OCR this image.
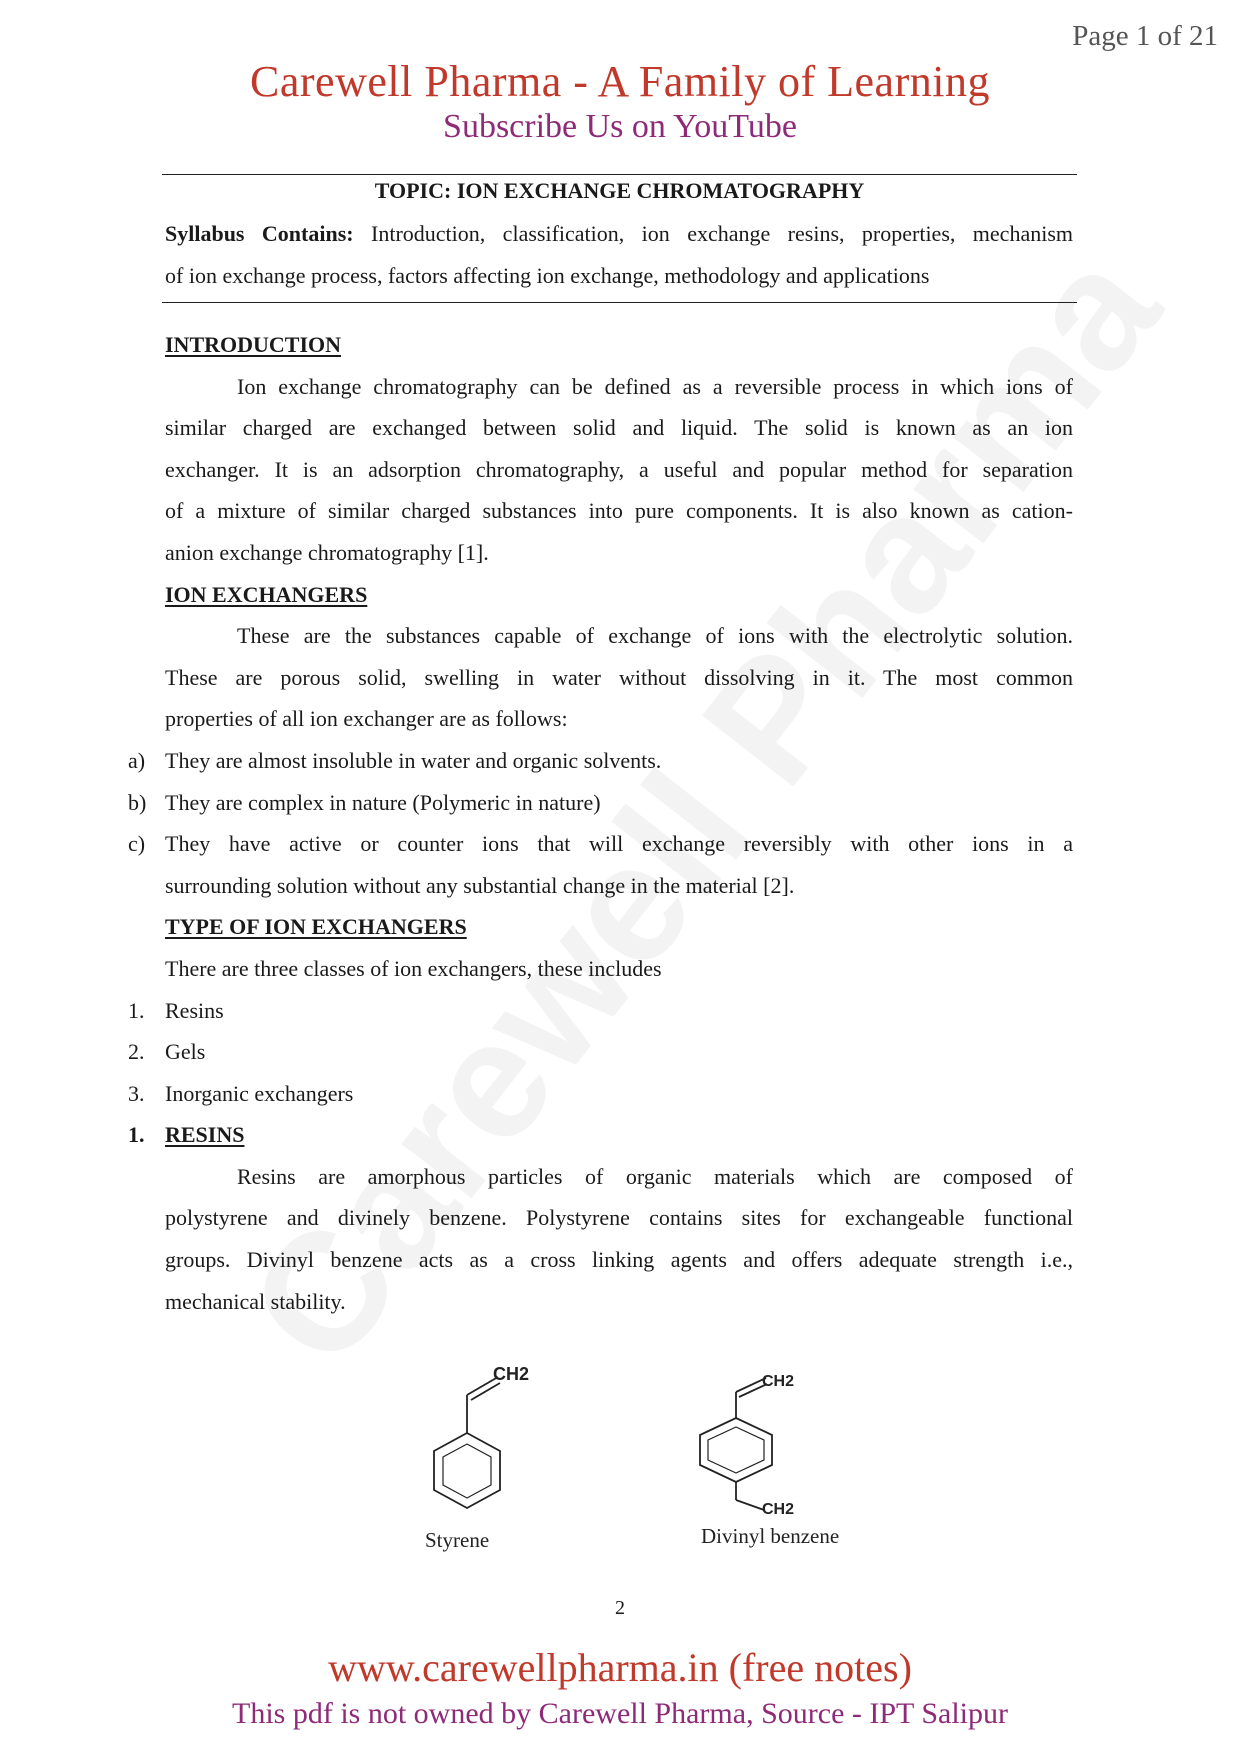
Page 1 of 21
Carewell Pharma - A Family of Learning
Subscribe Us on YouTube
TOPIC: ION EXCHANGE CHROMATOGRAPHY

Syllabus Contains: Introduction, classification, ion exchange resins, properties, mechanism

of ion exchange process, factors affecting ion exchange, methodology and applications

INTRODUCTION

Ion exchange chromatography can be defined as a reversible process in which ions of

similar charged are exchanged between solid and liquid. The solid is known as an ion

exchanger. It is an adsorption chromatography, a useful and popular method for separation

of a mixture of similar charged substances into pure components. It is also known as cation-

anion exchange chromatography [1].

ION EXCHANGERS

These are the substances capable of exchange of ions with the electrolytic solution.

These are porous solid, swelling in water without dissolving in it. The most common

properties of all ion exchanger are as follows:

a) They are almost insoluble in water and organic solvents.

b) They are complex in nature (Polymeric in nature)

c) They have active or counter ions that will exchange reversibly with other ions in a

surrounding solution without any substantial change in the material [2].

TYPE OF ION EXCHANGERS

There are three classes of ion exchangers, these includes

1. Resins

2. Gels

3. Inorganic exchangers

1. RESINS

Resins are amorphous particles of organic materials which are composed of

polystyrene and divinely benzene. Polystyrene contains sites for exchangeable functional

groups. Divinyl benzene acts as a cross linking agents and offers adequate strength i.e.,

mechanical stability.

CH2
Styrene
CH2
CH2
Divinyl benzene
2
www.carewellpharma.in (free notes)
This pdf is not owned by Carewell Pharma, Source - IPT Salipur
